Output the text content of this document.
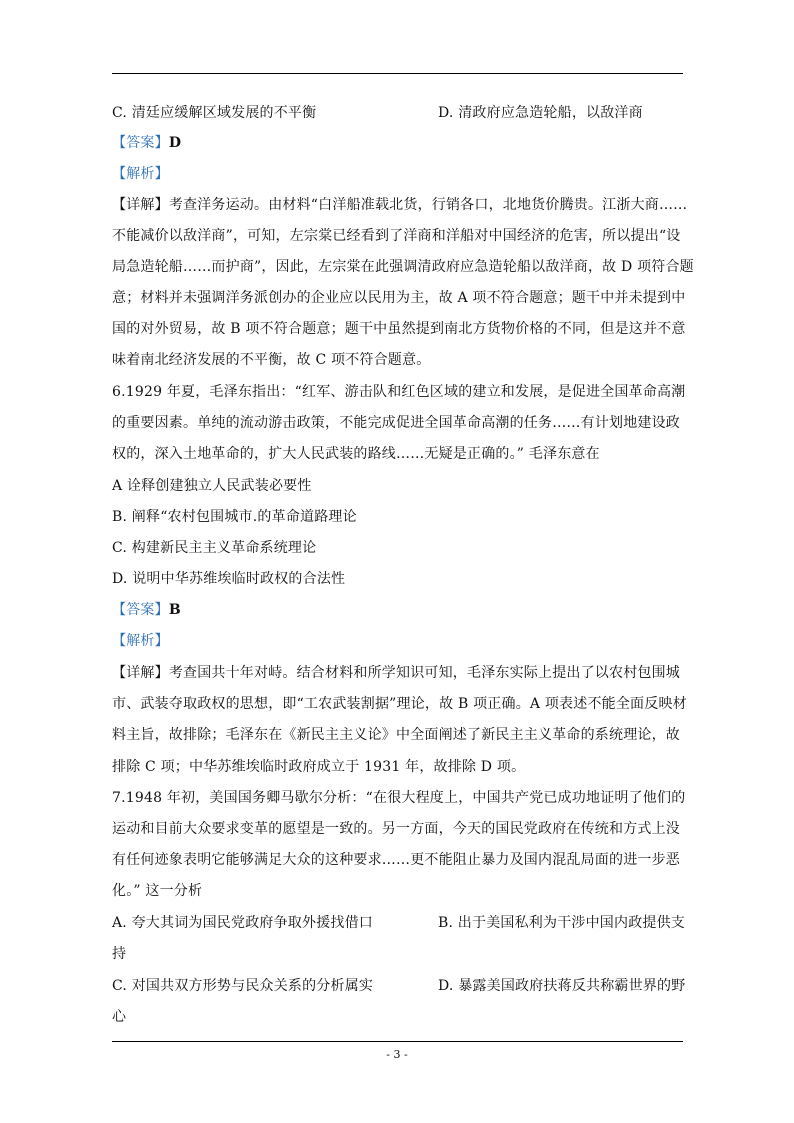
C. 清廷应缓解区域发展的不平衡	D. 清政府应急造轮船，以敌洋商
【答案】D
【解析】
【详解】考查洋务运动。由材料“白洋船准载北货，行销各口，北地货价腾贵。江浙大商……
不能减价以敌洋商”，可知，左宗棠已经看到了洋商和洋船对中国经济的危害，所以提出“设
局急造轮船……而护商”，因此，左宗棠在此强调清政府应急造轮船以敌洋商，故 D 项符合题
意；材料并未强调洋务派创办的企业应以民用为主，故 A 项不符合题意；题干中并未提到中
国的对外贸易，故 B 项不符合题意；题干中虽然提到南北方货物价格的不同，但是这并不意
味着南北经济发展的不平衡，故 C 项不符合题意。
6.1929 年夏，毛泽东指出：“红军、游击队和红色区域的建立和发展，是促进全国革命高潮
的重要因素。单纯的流动游击政策，不能完成促进全国革命高潮的任务……有计划地建设政
权的，深入土地革命的，扩大人民武装的路线……无疑是正确的。” 毛泽东意在
A 诠释创建独立人民武装必要性
B. 阐释“农村包围城市.的革命道路理论
C. 构建新民主主义革命系统理论
D. 说明中华苏维埃临时政权的合法性
【答案】B
【解析】
【详解】考查国共十年对峙。结合材料和所学知识可知，毛泽东实际上提出了以农村包围城
市、武装夺取政权的思想，即“工农武装割据”理论，故 B 项正确。A 项表述不能全面反映材
料主旨，故排除；毛泽东在《新民主主义论》中全面阐述了新民主主义革命的系统理论，故
排除 C 项；中华苏维埃临时政府成立于 1931 年，故排除 D 项。
7.1948 年初，美国国务卿马歇尔分析：“在很大程度上，中国共产党已成功地证明了他们的
运动和目前大众要求变革的愿望是一致的。另一方面，今天的国民党政府在传统和方式上没
有任何迹象表明它能够满足大众的这种要求……更不能阻止暴力及国内混乱局面的进一步恶
化。” 这一分析
A. 夸大其词为国民党政府争取外援找借口	B. 出于美国私利为干涉中国内政提供支
持
C. 对国共双方形势与民众关系的分析属实	D. 暴露美国政府扶蒋反共称霸世界的野
心
- 3 -
